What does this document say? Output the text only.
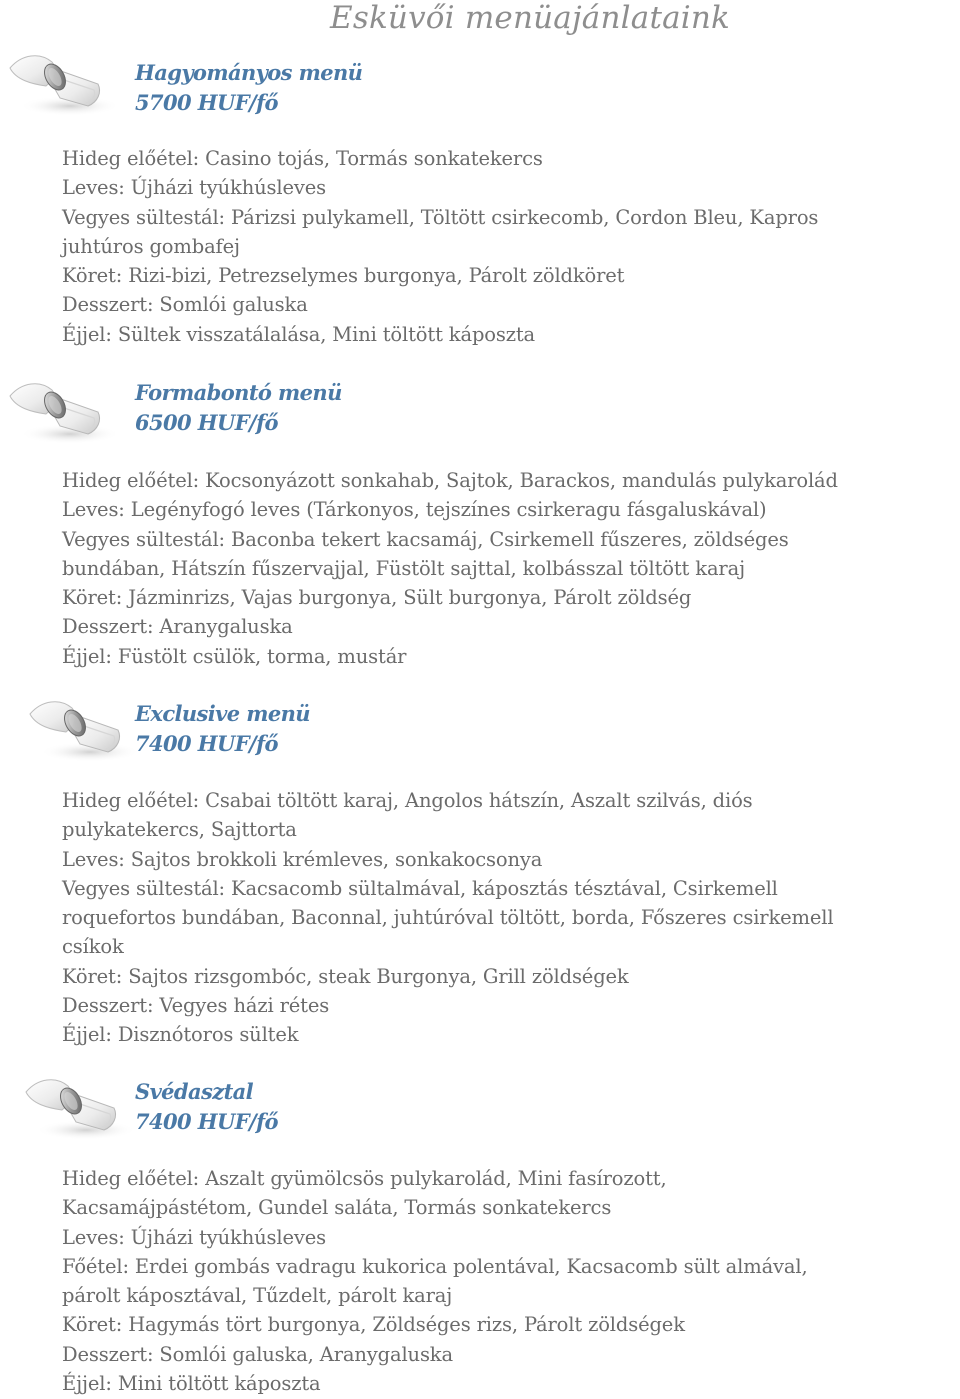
Esküvői menüajánlataink
Hagyományos menü
5700 HUF/fő
Hideg előétel: Casino tojás, Tormás sonkatekercs
Leves: Újházi tyúkhúsleves
Vegyes sültestál: Párizsi pulykamell, Töltött csirkecomb, Cordon Bleu, Kapros
juhtúros gombafej
Köret: Rizi-bizi, Petrezselymes burgonya, Párolt zöldköret
Desszert: Somlói galuska
Éjjel: Sültek visszatálalása, Mini töltött káposzta
Formabontó menü
6500 HUF/fő
Hideg előétel: Kocsonyázott sonkahab, Sajtok, Barackos, mandulás pulykarolád
Leves: Legényfogó leves (Tárkonyos, tejszínes csirkeragu fásgaluskával)
Vegyes sültestál: Baconba tekert kacsamáj, Csirkemell fűszeres, zöldséges
bundában, Hátszín fűszervajjal, Füstölt sajttal, kolbásszal töltött karaj
Köret: Jázminrizs, Vajas burgonya, Sült burgonya, Párolt zöldség
Desszert: Aranygaluska
Éjjel: Füstölt csülök, torma, mustár
Exclusive menü
7400 HUF/fő
Hideg előétel: Csabai töltött karaj, Angolos hátszín, Aszalt szilvás, diós
pulykatekercs, Sajttorta
Leves: Sajtos brokkoli krémleves, sonkakocsonya
Vegyes sültestál: Kacsacomb sültalmával, káposztás tésztával, Csirkemell
roquefortos bundában, Baconnal, juhtúróval töltött, borda, Főszeres csirkemell
csíkok
Köret: Sajtos rizsgombóc, steak Burgonya, Grill zöldségek
Desszert: Vegyes házi rétes
Éjjel: Disznótoros sültek
Svédasztal
7400 HUF/fő
Hideg előétel: Aszalt gyümölcsös pulykarolád, Mini fasírozott,
Kacsamájpástétom, Gundel saláta, Tormás sonkatekercs
Leves: Újházi tyúkhúsleves
Főétel: Erdei gombás vadragu kukorica polentával, Kacsacomb sült almával,
párolt káposztával, Tűzdelt, párolt karaj
Köret: Hagymás tört burgonya, Zöldséges rizs, Párolt zöldségek
Desszert: Somlói galuska, Aranygaluska
Éjjel: Mini töltött káposzta
